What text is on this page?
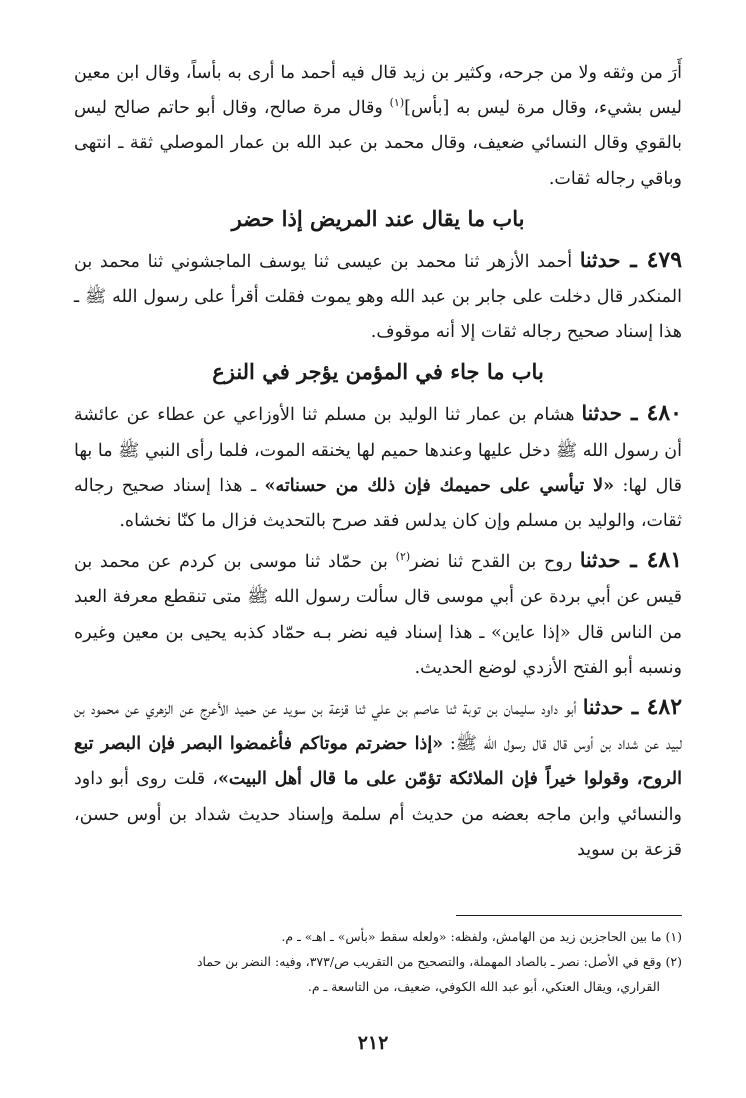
أَرَ من وثقه ولا من جرحه، وكثير بن زيد قال فيه أحمد ما أرى به بأساً، وقال ابن معين ليس بشيء، وقال مرة ليس به [بأس]$^{(١)}$ وقال مرة صالح، وقال أبو حاتم صالح ليس بالقوي وقال النسائي ضعيف، وقال محمد بن عبد الله بن عمار الموصلي ثقة ـ انتهى وباقي رجاله ثقات.

باب ما يقال عند المريض إذا حضر

٤٧٩ ـ حدثنا أحمد الأزهر ثنا محمد بن عيسى ثنا يوسف الماجشوني ثنا محمد بن المنكدر قال دخلت على جابر بن عبد الله وهو يموت فقلت أقرأ على رسول الله ﷺ ـ هذا إسناد صحيح رجاله ثقات إلا أنه موقوف.

باب ما جاء في المؤمن يؤجر في النزع

٤٨٠ ـ حدثنا هشام بن عمار ثنا الوليد بن مسلم ثنا الأوزاعي عن عطاء عن عائشة أن رسول الله ﷺ دخل عليها وعندها حميم لها يخنقه الموت، فلما رأى النبي ﷺ ما بها قال لها: «لا تيأسي على حميمك فإن ذلك من حسناته» ـ هذا إسناد صحيح رجاله ثقات، والوليد بن مسلم وإن كان يدلس فقد صرح بالتحديث فزال ما كنّا نخشاه.

٤٨١ ـ حدثنا روح بن القدح ثنا نضر$^{(٢)}$ بن حمّاد ثنا موسى بن كردم عن محمد بن قيس عن أبي بردة عن أبي موسى قال سألت رسول الله ﷺ متى تنقطع معرفة العبد من الناس قال «إذا عاين» ـ هذا إسناد فيه نضر بـه حمّاد كذبه يحيى بن معين وغيره ونسبه أبو الفتح الأزدي لوضع الحديث.

٤٨٢ ـ حدثنا أبو داود سليمان بن توبة ثنا عاصم بن علي ثنا قزعة بن سويد عن حميد الأعرج عن الزهري عن محمود بن لبيد عن شداد بن أوس قال قال رسول الله ﷺ: «إذا حضرتم موتاكم فأغمضوا البصر فإن البصر تبع الروح، وقولوا خيراً فإن الملائكة تؤمّن على ما قال أهل البيت»، قلت روى أبو داود والنسائي وابن ماجه بعضه من حديث أم سلمة وإسناد حديث شداد بن أوس حسن، قزعة بن سويد

(١) ما بين الحاجزين زيد من الهامش، ولفظه: «ولعله سقط «بأس» ـ اهـ» ـ م.

(٢) وقع في الأصل: نصر ـ بالصاد المهملة، والتصحيح من التقريب ص/٣٧٣، وفيه: النضر بن حماد

القراري، ويقال العتكي، أبو عبد الله الكوفي، ضعيف، من التاسعة ـ م.

٢١٢
